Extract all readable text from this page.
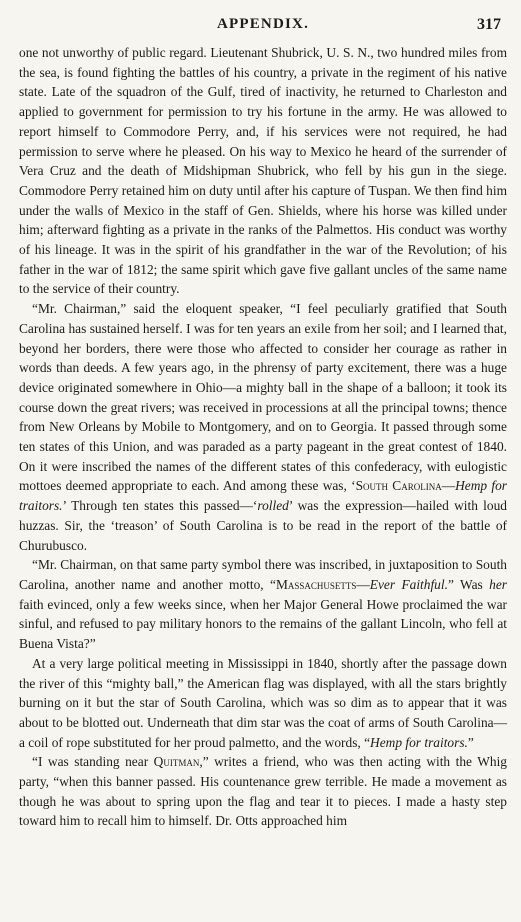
APPENDIX.	317

one not unworthy of public regard. Lieutenant Shubrick, U. S. N., two hundred miles from the sea, is found fighting the battles of his country, a private in the regiment of his native state. Late of the squadron of the Gulf, tired of inactivity, he returned to Charleston and applied to government for permission to try his fortune in the army. He was allowed to report himself to Commodore Perry, and, if his services were not required, he had permission to serve where he pleased. On his way to Mexico he heard of the surrender of Vera Cruz and the death of Midshipman Shubrick, who fell by his gun in the siege. Commodore Perry retained him on duty until after his capture of Tuspan. We then find him under the walls of Mexico in the staff of Gen. Shields, where his horse was killed under him; afterward fighting as a private in the ranks of the Palmettos. His conduct was worthy of his lineage. It was in the spirit of his grandfather in the war of the Revolution; of his father in the war of 1812; the same spirit which gave five gallant uncles of the same name to the service of their country.

“Mr. Chairman,” said the eloquent speaker, “I feel peculiarly gratified that South Carolina has sustained herself. I was for ten years an exile from her soil; and I learned that, beyond her borders, there were those who affected to consider her courage as rather in words than deeds. A few years ago, in the phrensy of party excitement, there was a huge device originated somewhere in Ohio—a mighty ball in the shape of a balloon; it took its course down the great rivers; was received in processions at all the principal towns; thence from New Orleans by Mobile to Montgomery, and on to Georgia. It passed through some ten states of this Union, and was paraded as a party pageant in the great contest of 1840. On it were inscribed the names of the different states of this confederacy, with eulogistic mottoes deemed appropriate to each. And among these was, ‘South Carolina—Hemp for traitors.’ Through ten states this passed—‘rolled’ was the expression—hailed with loud huzzas. Sir, the ‘treason’ of South Carolina is to be read in the report of the battle of Churubusco.

“Mr. Chairman, on that same party symbol there was inscribed, in juxtaposition to South Carolina, another name and another motto, “Massachusetts—Ever Faithful.” Was her faith evinced, only a few weeks since, when her Major General Howe proclaimed the war sinful, and refused to pay military honors to the remains of the gallant Lincoln, who fell at Buena Vista?”

At a very large political meeting in Mississippi in 1840, shortly after the passage down the river of this “mighty ball,” the American flag was displayed, with all the stars brightly burning on it but the star of South Carolina, which was so dim as to appear that it was about to be blotted out. Underneath that dim star was the coat of arms of South Carolina—a coil of rope substituted for her proud palmetto, and the words, “Hemp for traitors.”

“I was standing near Quitman,” writes a friend, who was then acting with the Whig party, “when this banner passed. His countenance grew terrible. He made a movement as though he was about to spring upon the flag and tear it to pieces. I made a hasty step toward him to recall him to himself. Dr. Otts approached him
